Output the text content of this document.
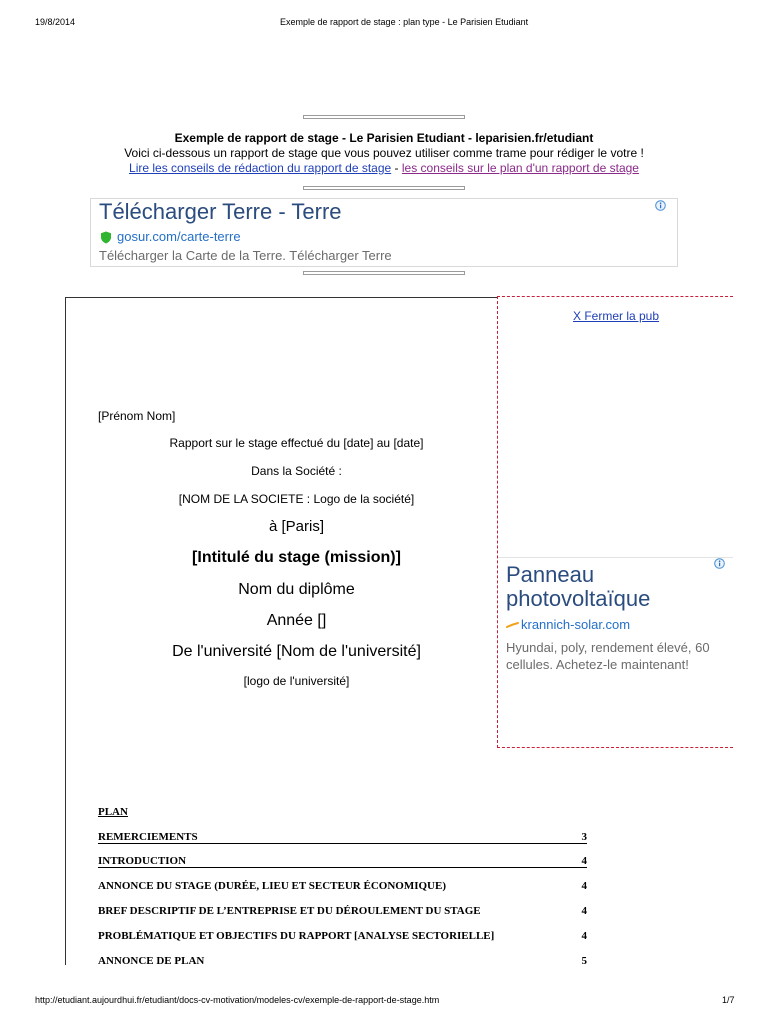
19/8/2014	Exemple de rapport de stage : plan type - Le Parisien Etudiant
Exemple de rapport de stage - Le Parisien Etudiant - leparisien.fr/etudiant
Voici ci-dessous un rapport de stage que vous pouvez utiliser comme trame pour rédiger le votre !
Lire les conseils de rédaction du rapport de stage - les conseils sur le plan d'un rapport de stage
Télécharger Terre - Terre
gosur.com/carte-terre
Télécharger la Carte de la Terre. Télécharger Terre
X Fermer la pub
Panneau photovoltaïque
krannich-solar.com
Hyundai, poly, rendement élevé, 60 cellules. Achetez-le maintenant!
[Prénom Nom]
Rapport sur le stage effectué du [date] au [date]
Dans la Société :
[NOM DE LA SOCIETE : Logo de la société]
à [Paris]
[Intitulé du stage (mission)]
Nom du diplôme
Année []
De l'université [Nom de l'université]
[logo de l'université]
PLAN
REMERCIEMENTS	3
INTRODUCTION	4
ANNONCE DU STAGE (DURÉE, LIEU ET SECTEUR ÉCONOMIQUE)	4
BREF DESCRIPTIF DE L’ENTREPRISE ET DU DÉROULEMENT DU STAGE	4
PROBLÉMATIQUE ET OBJECTIFS DU RAPPORT [ANALYSE SECTORIELLE]	4
ANNONCE DE PLAN	5
http://etudiant.aujourdhui.fr/etudiant/docs-cv-motivation/modeles-cv/exemple-de-rapport-de-stage.htm	1/7
